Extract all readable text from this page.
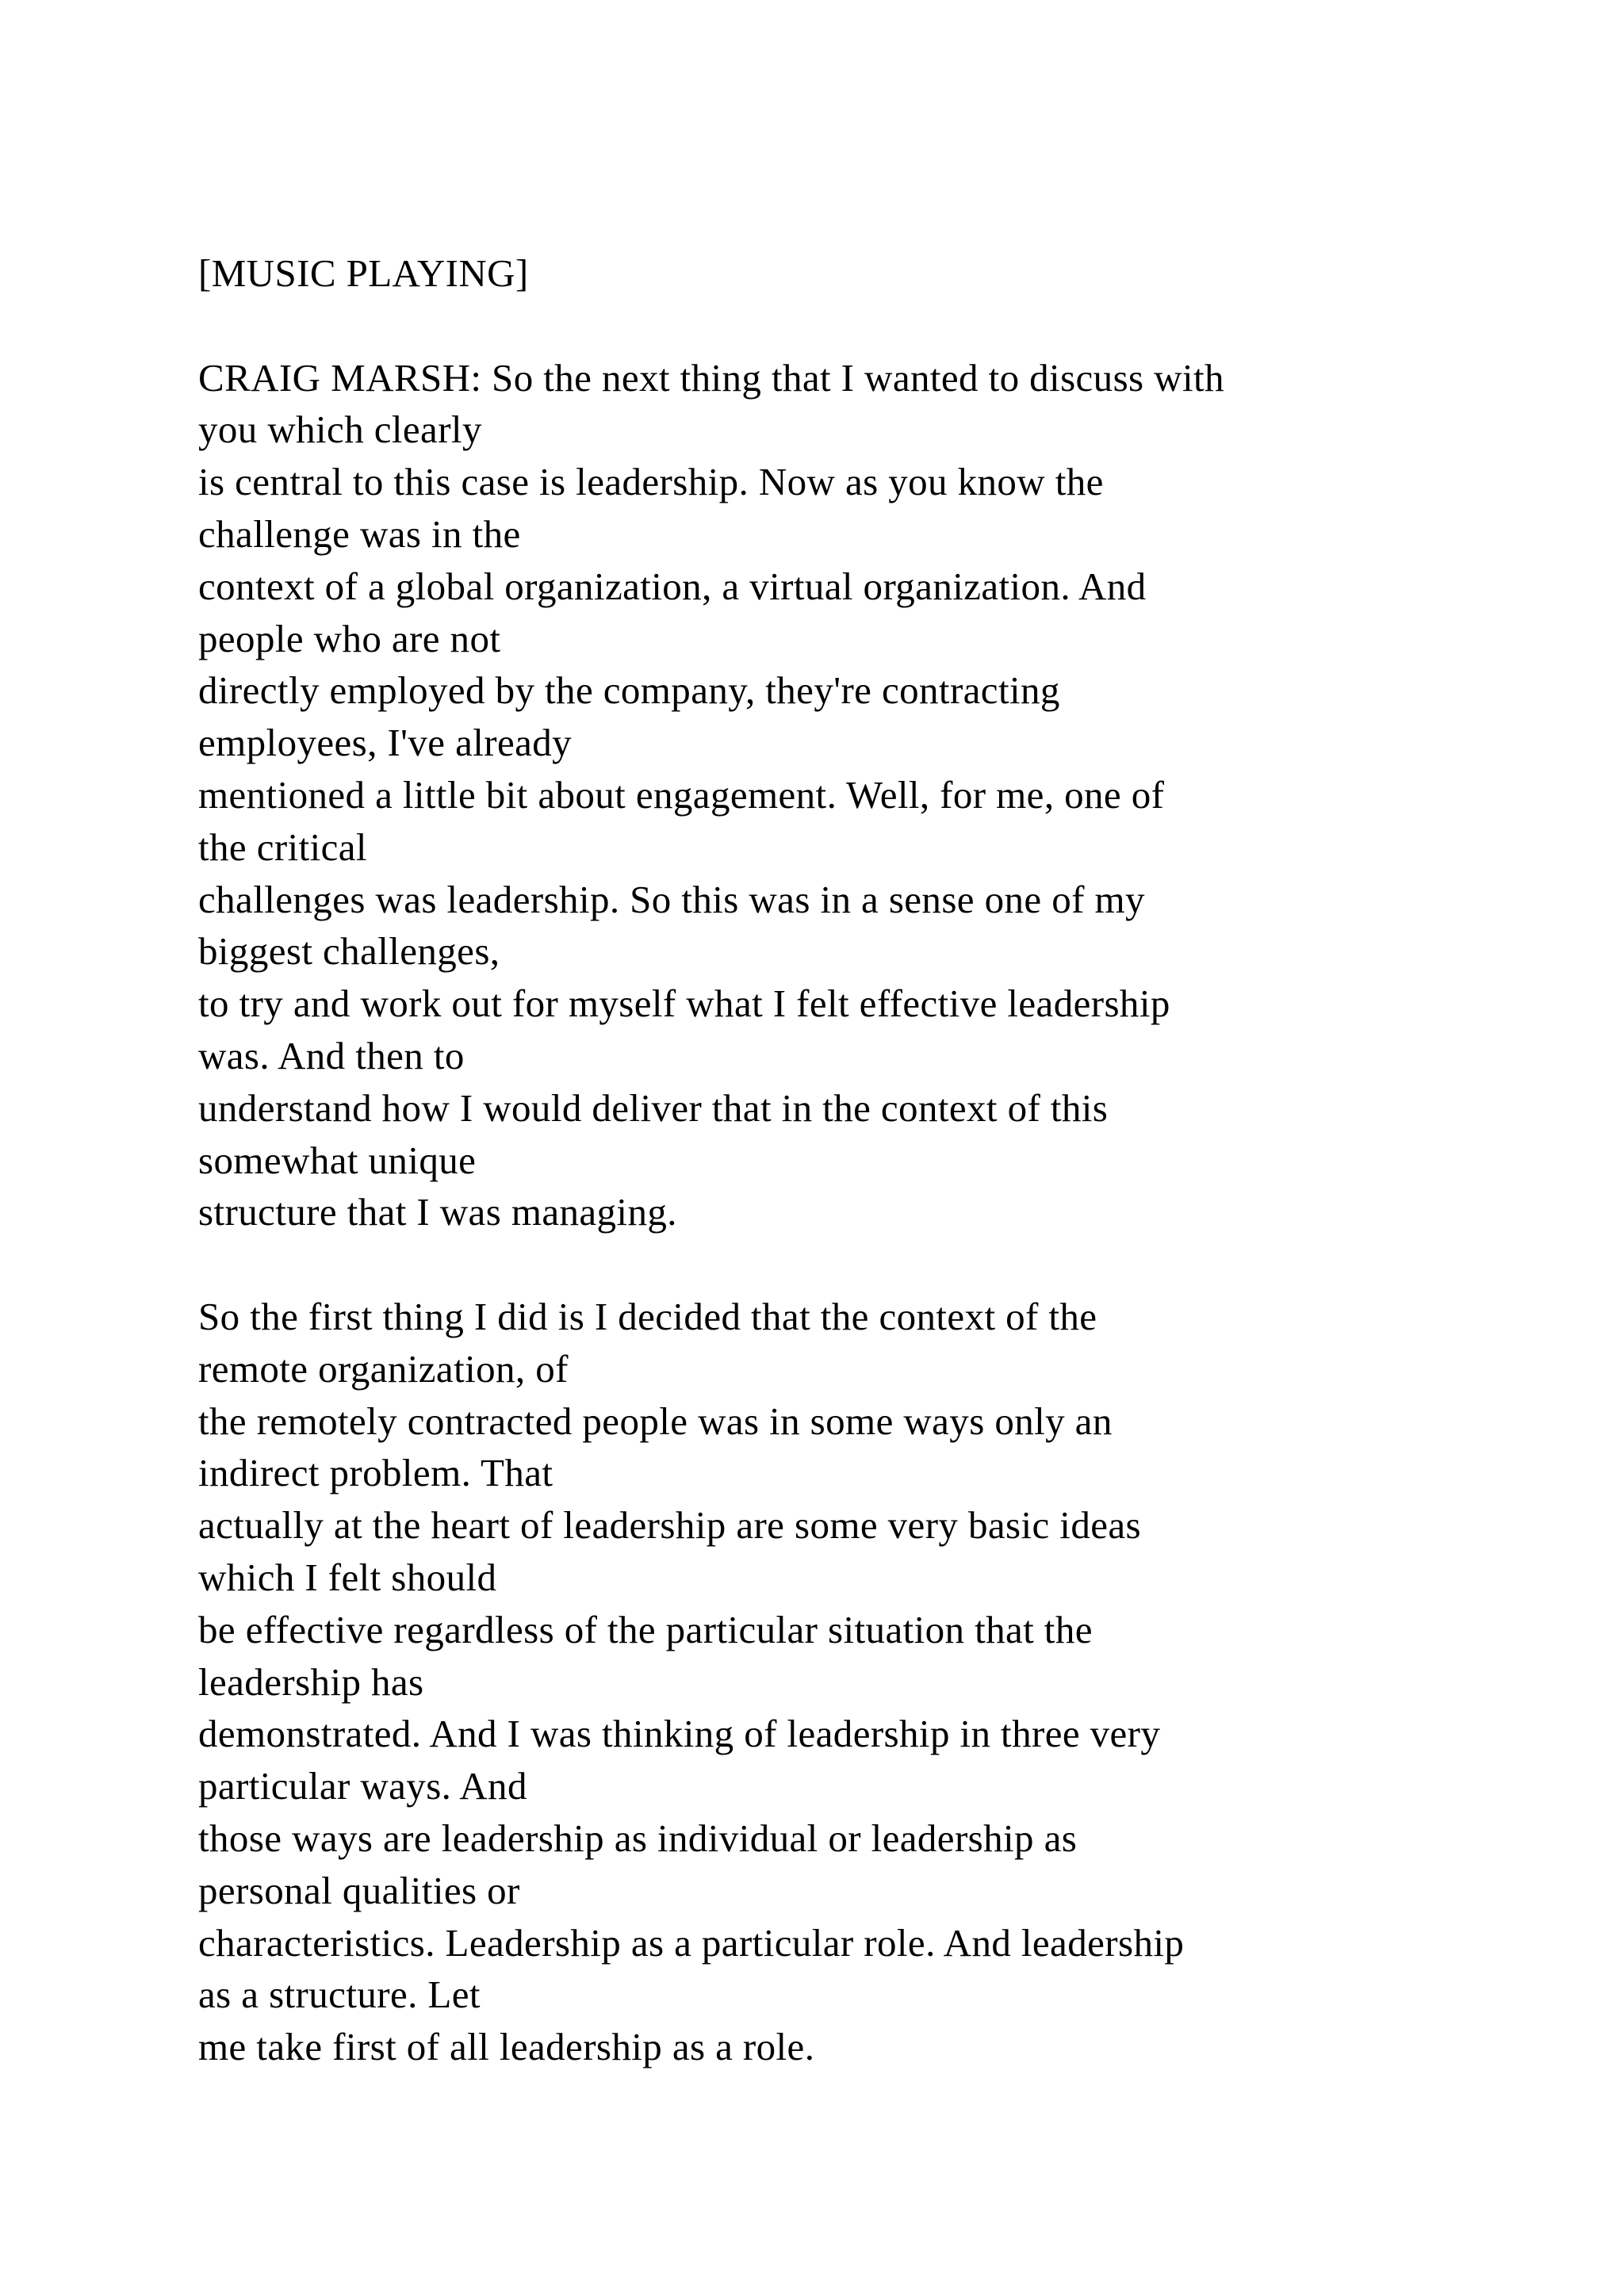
[MUSIC PLAYING]
CRAIG MARSH: So the next thing that I wanted to discuss with
you which clearly
is central to this case is leadership. Now as you know the
challenge was in the
context of a global organization, a virtual organization. And
people who are not
directly employed by the company, they're contracting
employees, I've already
mentioned a little bit about engagement. Well, for me, one of
the critical
challenges was leadership. So this was in a sense one of my
biggest challenges,
to try and work out for myself what I felt effective leadership
was. And then to
understand how I would deliver that in the context of this
somewhat unique
structure that I was managing.
So the first thing I did is I decided that the context of the
remote organization, of
the remotely contracted people was in some ways only an
indirect problem. That
actually at the heart of leadership are some very basic ideas
which I felt should
be effective regardless of the particular situation that the
leadership has
demonstrated. And I was thinking of leadership in three very
particular ways. And
those ways are leadership as individual or leadership as
personal qualities or
characteristics. Leadership as a particular role. And leadership
as a structure. Let
me take first of all leadership as a role.
